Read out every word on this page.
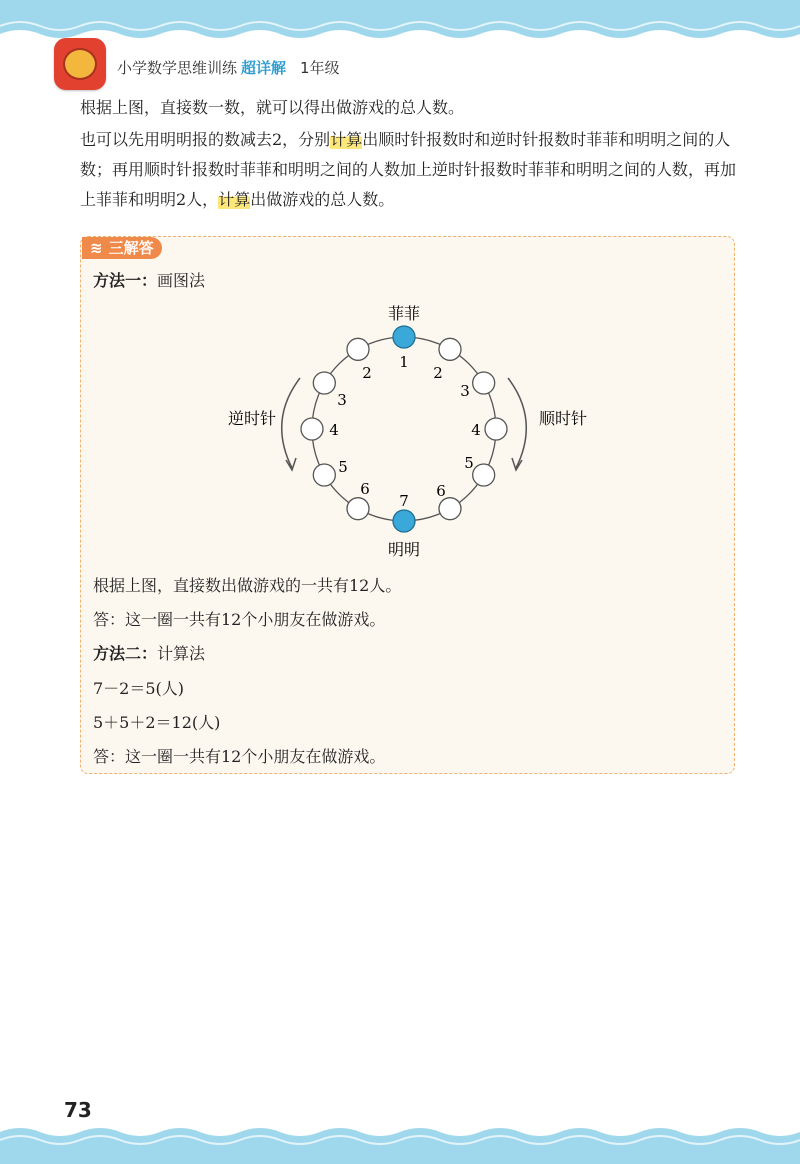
小学数学思维训练 超详解 1年级

根据上图，直接数一数，就可以得出做游戏的总人数。

也可以先用明明报的数减去2，分别计算出顺时针报数时和逆时针报数时菲菲和明明之间的人数；再用顺时针报数时菲菲和明明之间的人数加上逆时针报数时菲菲和明明之间的人数，再加上菲菲和明明2人，计算出做游戏的总人数。

≋ 三解答
方法一：画图法
菲菲
明明
逆时针	顺时针
1
7
2
3
4
5
6
2
3
4
5
6
根据上图，直接数出做游戏的一共有12人。
答：这一圈一共有12个小朋友在做游戏。
方法二：计算法
7－2＝5(人)
5＋5＋2＝12(人)
答：这一圈一共有12个小朋友在做游戏。
73
